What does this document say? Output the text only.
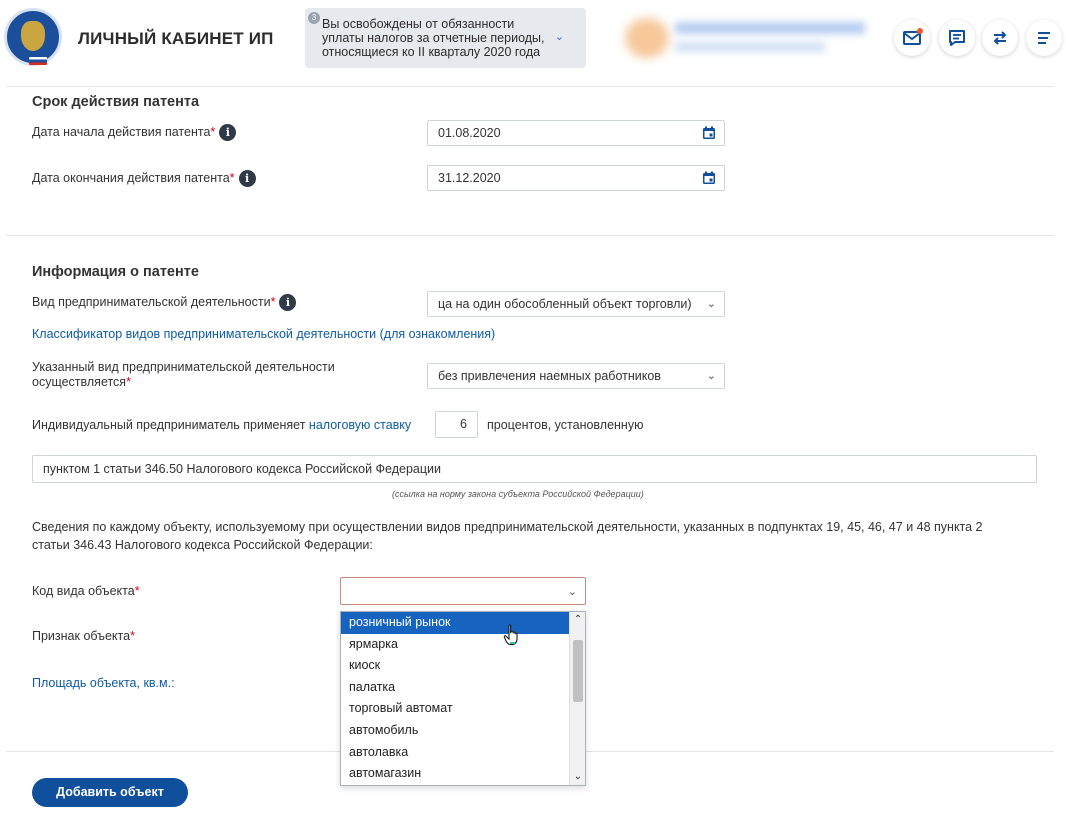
ЛИЧНЫЙ КАБИНЕТ ИП
3 Вы освобождены от обязанности уплаты налогов за отчетные периоды, относящиеся ко II кварталу 2020 года
⌄
Срок действия патента
Дата начала действия патента* i	01.08.2020
Дата окончания действия патента* i	31.12.2020
Информация о патенте
Вид предпринимательской деятельности* i	ца на один обособленный объект торговли) ⌄
Классификатор видов предпринимательской деятельности (для ознакомления)
Указанный вид предпринимательской деятельности
осуществляется*	без привлечения наемных работников	⌄
Индивидуальный предприниматель применяет налоговую ставку	6	процентов, установленную
пунктом 1 статьи 346.50 Налогового кодекса Российской Федерации
(ссылка на норму закона субъекта Российской Федерации)
Сведения по каждому объекту, используемому при осуществлении видов предпринимательской деятельности, указанных в подпунктах 19, 45, 46, 47 и 48 пункта 2
статьи 346.43 Налогового кодекса Российской Федерации:
Код вида объекта*	⌄
Признак объекта*
Площадь объекта, кв.м.:
розничный рынок
ярмарка
киоск
палатка
торговый автомат
автомобиль
автолавка
автомагазин
⌃
⌄
Добавить объект
